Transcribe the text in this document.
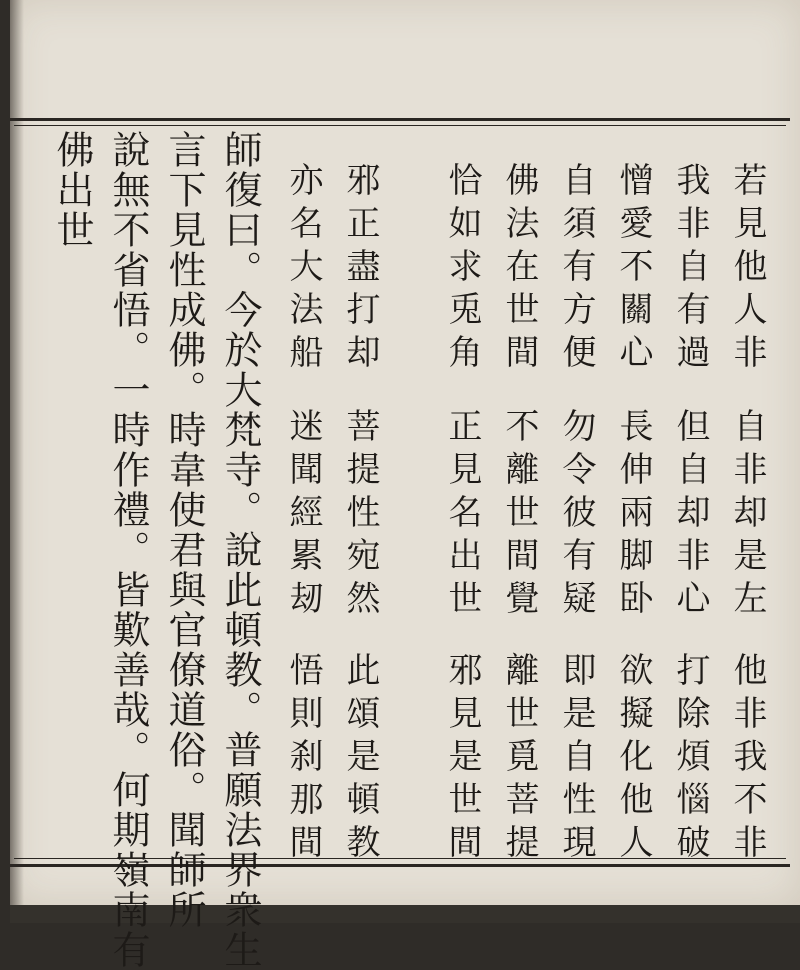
若見他人非
自非却是左
他非我不非
我非自有過
但自却非心
打除煩惱破
憎愛不關心
長伸兩脚卧
欲擬化他人
自須有方便
勿令彼有疑
即是自性現
佛法在世間
不離世間覺
離世覓菩提
恰如求兎角
正見名出世
邪見是世間
邪正盡打却
菩提性宛然
此頌是頓教
亦名大法船
迷聞經累刼
悟則刹那間
師復曰。今於大梵寺。說此頓教。普願法界衆生
言下見性成佛。時韋使君與官僚道俗。聞師所
說無不省悟。一時作禮。皆歎善哉。何期嶺南有
佛出世
